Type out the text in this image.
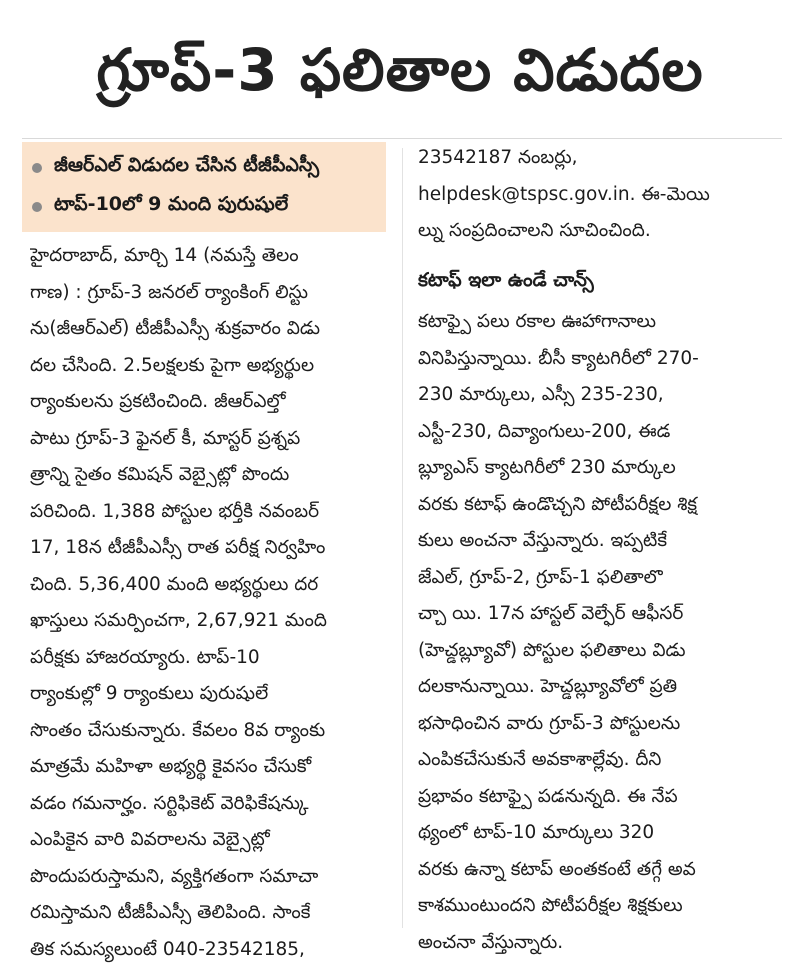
గ్రూప్-3 ఫలితాల విడుదల
జీఆర్ఎల్ విడుదల చేసిన టీజీపీఎస్సీ
టాప్-10లో 9 మంది పురుషులే
హైదరాబాద్, మార్చి 14 (నమస్తే తెలం
గాణ) : గ్రూప్-3 జనరల్ ర్యాంకింగ్ లిస్టు
ను(జీఆర్ఎల్) టీజీపీఎస్సీ శుక్రవారం విడు
దల చేసింది. 2.5లక్షలకు పైగా అభ్యర్థుల
ర్యాంకులను ప్రకటించింది. జీఆర్ఎల్తో
పాటు గ్రూప్-3 ఫైనల్ కీ, మాస్టర్ ప్రశ్నప
త్రాన్ని సైతం కమిషన్ వెబ్సైట్లో పొందు
పరిచింది. 1,388 పోస్టుల భర్తీకి నవంబర్
17, 18న టీజీపీఎస్సీ రాత పరీక్ష నిర్వహిం
చింది. 5,36,400 మంది అభ్యర్థులు దర
ఖాస్తులు సమర్పించగా, 2,67,921 మంది
పరీక్షకు హాజరయ్యారు. టాప్-10
ర్యాంకుల్లో 9 ర్యాంకులు పురుషులే
సొంతం చేసుకున్నారు. కేవలం 8వ ర్యాంకు
మాత్రమే మహిళా అభ్యర్థి కైవసం చేసుకో
వడం గమనార్హం. సర్టిఫికెట్ వెరిఫికేషన్కు
ఎంపికైన వారి వివరాలను వెబ్సైట్లో
పొందుపరుస్తామని, వ్యక్తిగతంగా సమాచా
రమిస్తామని టీజీపీఎస్సీ తెలిపింది. సాంకే
తిక సమస్యలుంటే 040-23542185,
23542187 నంబర్లు,
helpdesk@tspsc.gov.in. ఈ-మెయి
ల్ను సంప్రదించాలని సూచించింది.
కటాఫ్ ఇలా ఉండే చాన్స్
కటాఫ్పై పలు రకాల ఊహాగానాలు
వినిపిస్తున్నాయి. బీసీ క్యాటగిరీలో 270-
230 మార్కులు, ఎస్సీ 235-230,
ఎస్టీ-230, దివ్యాంగులు-200, ఈడ
బ్ల్యూఎస్ క్యాటగిరీలో 230 మార్కుల
వరకు కటాఫ్ ఉండొచ్చని పోటీపరీక్షల శిక్ష
కులు అంచనా వేస్తున్నారు. ఇప్పటికే
జేఎల్, గ్రూప్-2, గ్రూప్-1 ఫలితాలొ
చ్చా యి. 17న హాస్టల్ వెల్ఫేర్ ఆఫీసర్
(హెచ్డబ్ల్యూవో) పోస్టుల ఫలితాలు విడు
దలకానున్నాయి. హెచ్డబ్ల్యూవోలో ప్రతి
భసాధించిన వారు గ్రూప్-3 పోస్టులను
ఎంపికచేసుకునే అవకాశాల్లేవు. దీని
ప్రభావం కటాఫ్పై పడనున్నది. ఈ నేప
థ్యంలో టాప్-10 మార్కులు 320
వరకు ఉన్నా కటాప్ అంతకంటే తగ్గే అవ
కాశముంటుందని పోటీపరీక్షల శిక్షకులు
అంచనా వేస్తున్నారు.
